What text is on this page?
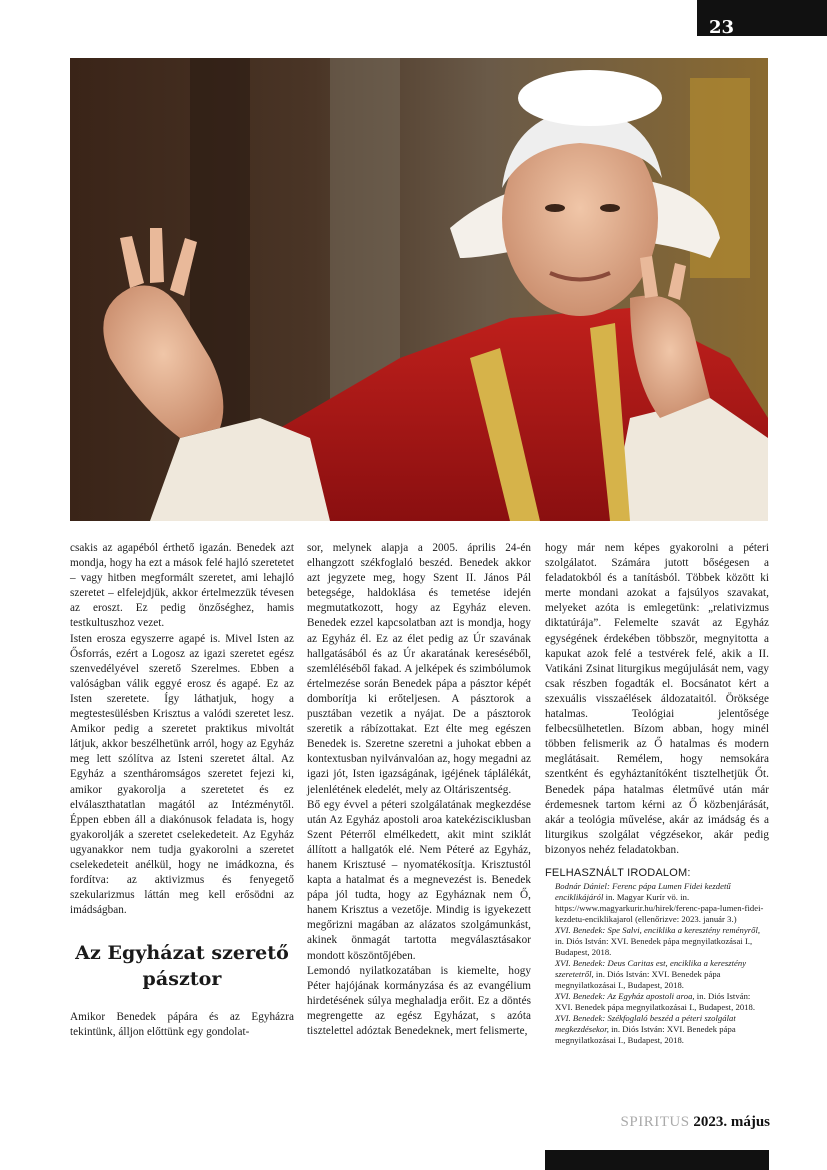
23

csakis az agapéból érthető igazán. Benedek azt mondja, hogy ha ezt a mások felé hajló szeretetet – vagy hitben megformált szeretet, ami lehajló szeretet – elfelejdjük, akkor értelmezzük tévesen az eroszt. Ez pedig önzőséghez, hamis testkultuszhoz vezet.

Isten erosza egyszerre agapé is. Mivel Isten az Ősforrás, ezért a Logosz az igazi szeretet egész szenvedélyével szerető Szerelmes. Ebben a valóságban válik eggyé erosz és agapé. Ez az Isten szeretete. Így láthatjuk, hogy a megtestesülésben Krisztus a valódi szeretet lesz. Amikor pedig a szeretet praktikus mivoltát látjuk, akkor beszélhetünk arról, hogy az Egyház meg lett szólítva az Isteni szeretet által. Az Egyház a szentháromságos szeretet fejezi ki, amikor gyakorolja a szeretetet és ez elválaszthatatlan magától az Intézménytől. Éppen ebben áll a diakónusok feladata is, hogy gyakorolják a szeretet cselekedeteit. Az Egyház ugyanakkor nem tudja gyakorolni a szeretet cselekedeteit anélkül, hogy ne imádkozna, és fordítva: az aktivizmus és fenyegető szekularizmus láttán meg kell erősödni az imádságban.

Az Egyházat szerető pásztor

Amikor Benedek pápára és az Egyházra tekintünk, álljon előttünk egy gondolat-

sor, melynek alapja a 2005. április 24-én elhangzott székfoglaló beszéd. Benedek akkor azt jegyzete meg, hogy Szent II. János Pál betegsége, haldoklása és temetése idején megmutatkozott, hogy az Egyház eleven. Benedek ezzel kapcsolatban azt is mondja, hogy az Egyház él. Ez az élet pedig az Úr szavának hallgatásából és az Úr akaratának kereséséből, szemléléséből fakad. A jelképek és szimbólumok értelmezése során Benedek pápa a pásztor képét domborítja ki erőteljesen. A pásztorok a pusztában vezetik a nyájat. De a pásztorok szeretik a rábízottakat. Ezt élte meg egészen Benedek is. Szeretne szeretni a juhokat ebben a kontextusban nyilvánvalóan az, hogy megadni az igazi jót, Isten igazságának, igéjének táplálékát, jelenlétének eledelét, mely az Oltáriszentség.

Bő egy évvel a péteri szolgálatának megkezdése után Az Egyház apostoli aroa katekézisciklusban Szent Péterről elmélkedett, akit mint sziklát állított a hallgatók elé. Nem Péteré az Egyház, hanem Krisztusé – nyomatékosítja. Krisztustól kapta a hatalmat és a megnevezést is. Benedek pápa jól tudta, hogy az Egyháznak nem Ő, hanem Krisztus a vezetője. Mindig is igyekezett megőrizni magában az alázatos szolgámunkást, akinek önmagát tartotta megválasztásakor mondott köszöntőjében.

Lemondó nyilatkozatában is kiemelte, hogy Péter hajójának kormányzása és az evangélium hirdetésének súlya meghaladja erőit. Ez a döntés megrengette az egész Egyházat, s azóta tisztelettel adóztak Benedeknek, mert felismerte,

hogy már nem képes gyakorolni a péteri szolgálatot. Számára jutott bőségesen a feladatokból és a tanításból. Többek között ki merte mondani azokat a fajsúlyos szavakat, melyeket azóta is emlegetünk: „relativizmus diktatúrája”. Felemelte szavát az Egyház egységének érdekében többször, megnyitotta a kapukat azok felé a testvérek felé, akik a II. Vatikáni Zsinat liturgikus megújulását nem, vagy csak részben fogadták el. Bocsánatot kért a szexuális visszaélések áldozataitól. Öröksége hatalmas. Teológiai jelentősége felbecsülhetetlen. Bízom abban, hogy minél többen felismerik az Ő hatalmas és modern meglátásait. Remélem, hogy nemsokára szentként és egyháztanítóként tisztelhetjük Őt. Benedek pápa hatalmas életművé után már érdemesnek tartom kérni az Ő közbenjárását, akár a teológia művelése, akár az imádság és a liturgikus szolgálat végzésekor, akár pedig bizonyos nehéz feladatokban.

FELHASZNÁLT IRODALOM:

Bodnár Dániel: Ferenc pápa Lumen Fidei kezdetű enciklikájáról in. Magyar Kurír vö. in. https://www.magyarkurir.hu/hirek/ferenc-papa-lumen-fidei-kezdetu-enciklikajarol (ellenőrizve: 2023. január 3.)

XVI. Benedek: Spe Salvi, enciklika a keresztény reményről, in. Diós István: XVI. Benedek pápa megnyilatkozásai I., Budapest, 2018.

XVI. Benedek: Deus Caritas est, enciklika a keresztény szeretetről, in. Diós István: XVI. Benedek pápa megnyilatkozásai I., Budapest, 2018.

XVI. Benedek: Az Egyház apostoli aroa, in. Diós István: XVI. Benedek pápa megnyilatkozásai I., Budapest, 2018.

XVI. Benedek: Székfoglaló beszéd a péteri szolgálat megkezdésekor, in. Diós István: XVI. Benedek pápa megnyilatkozásai I., Budapest, 2018.

SPIRITUS 2023. május
